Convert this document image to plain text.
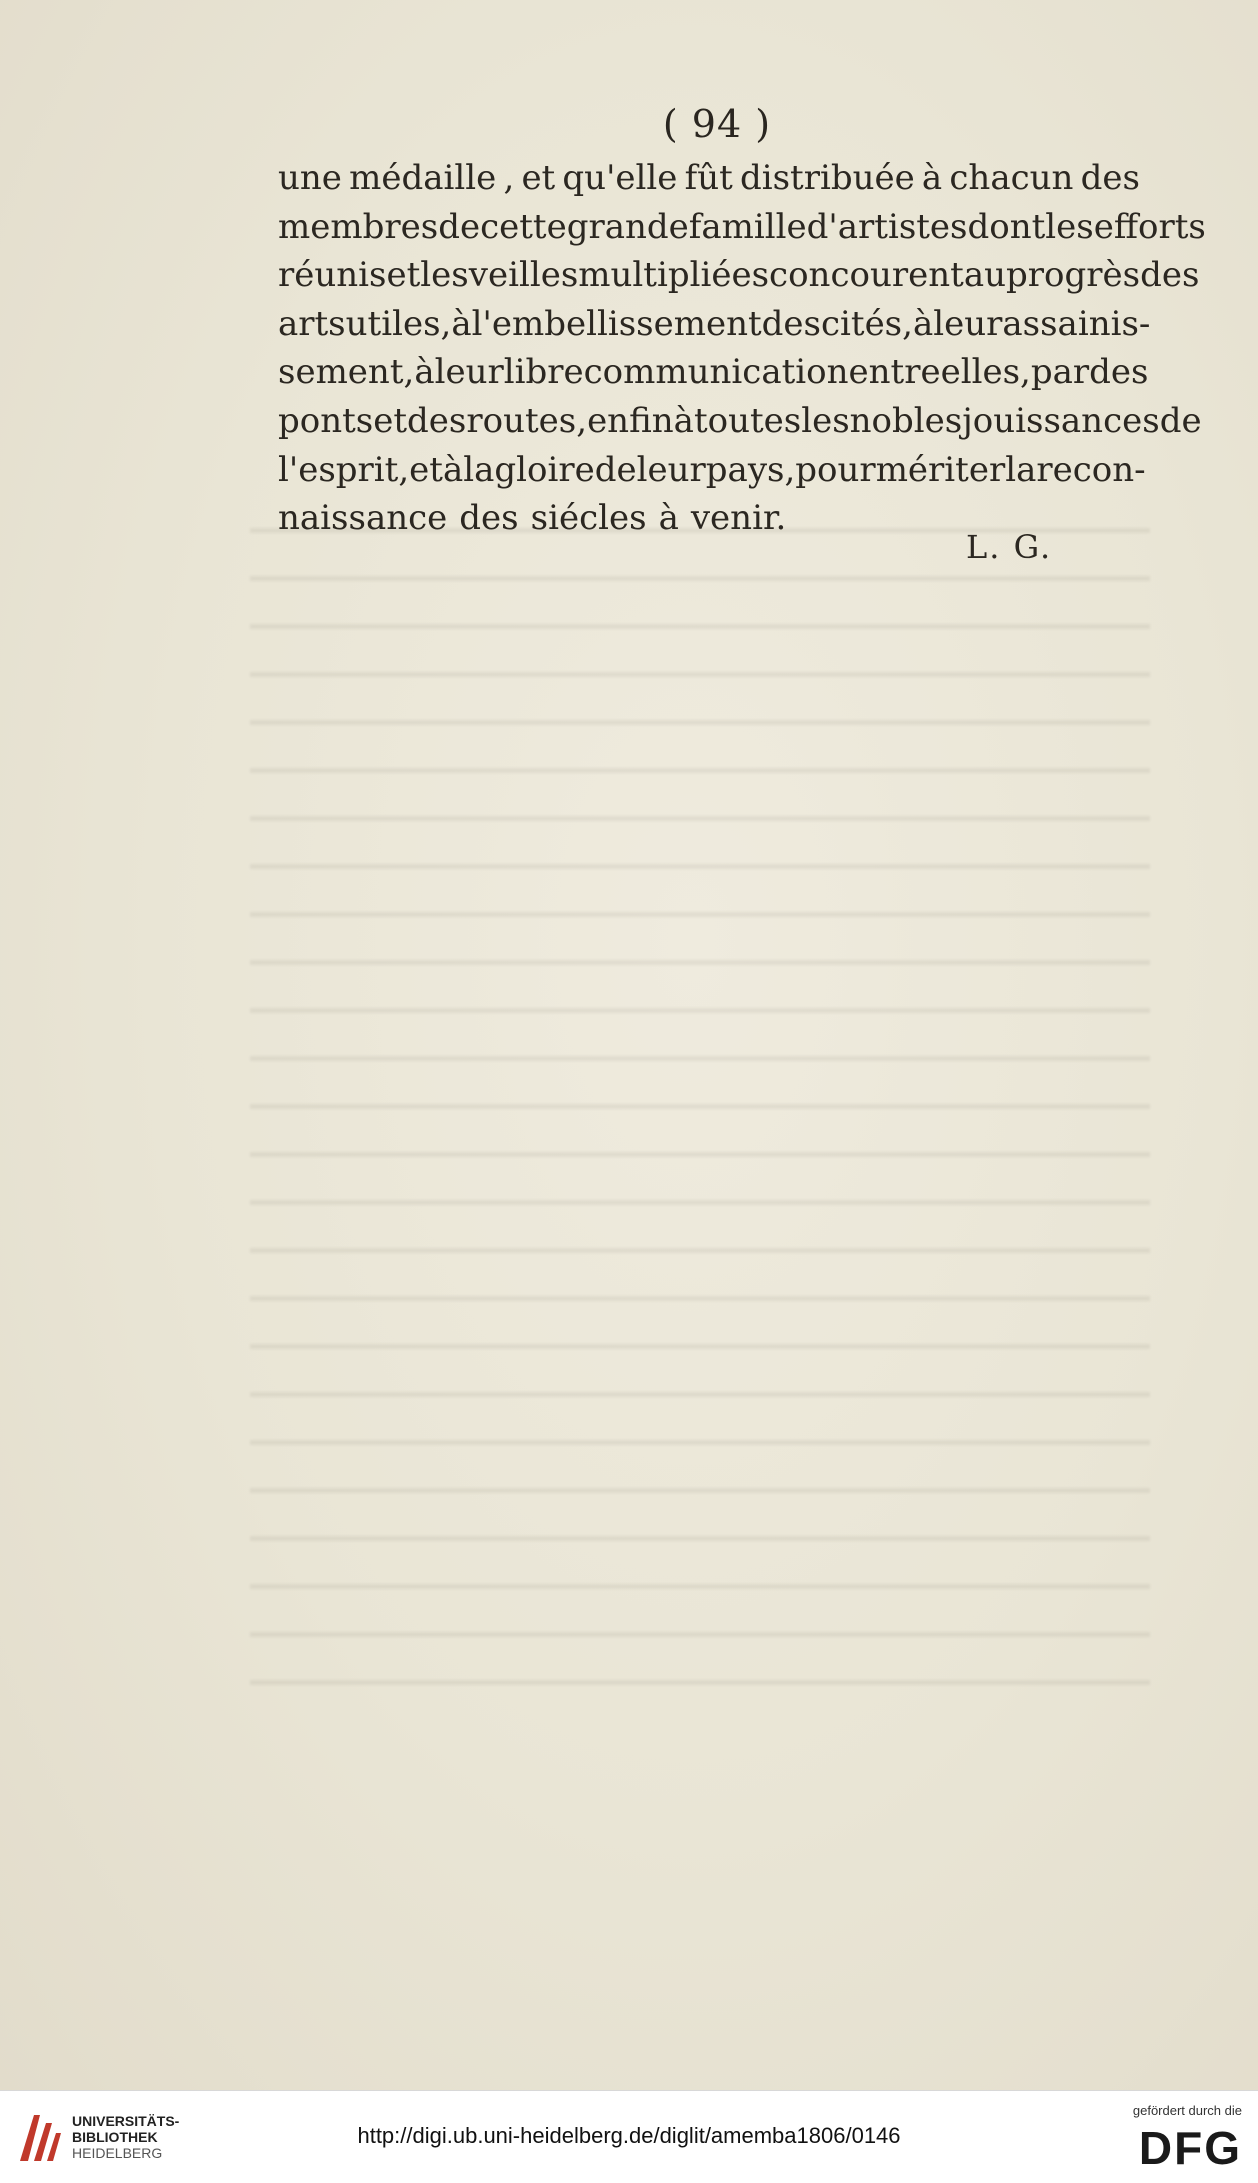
( 94 )
une médaille , et qu'elle fût distribuée à chacun des
membres de cette grande famille d'artistes dont les efforts
réunis et les veilles multipliées concourent au progrès des
arts utiles, à l'embellissement des cités, à leur assainis-
sement, à leur libre communication entre elles, par des
ponts et des routes, enfin à toutes les nobles jouissances de
l'esprit, et à la gloire de leur pays, pour mériter la recon-
naissance des siécles à venir.
L. G.
UNIVERSITÄTS-
BIBLIOTHEK
HEIDELBERG
http://digi.ub.uni-heidelberg.de/diglit/amemba1806/0146
gefördert durch die
DFG
